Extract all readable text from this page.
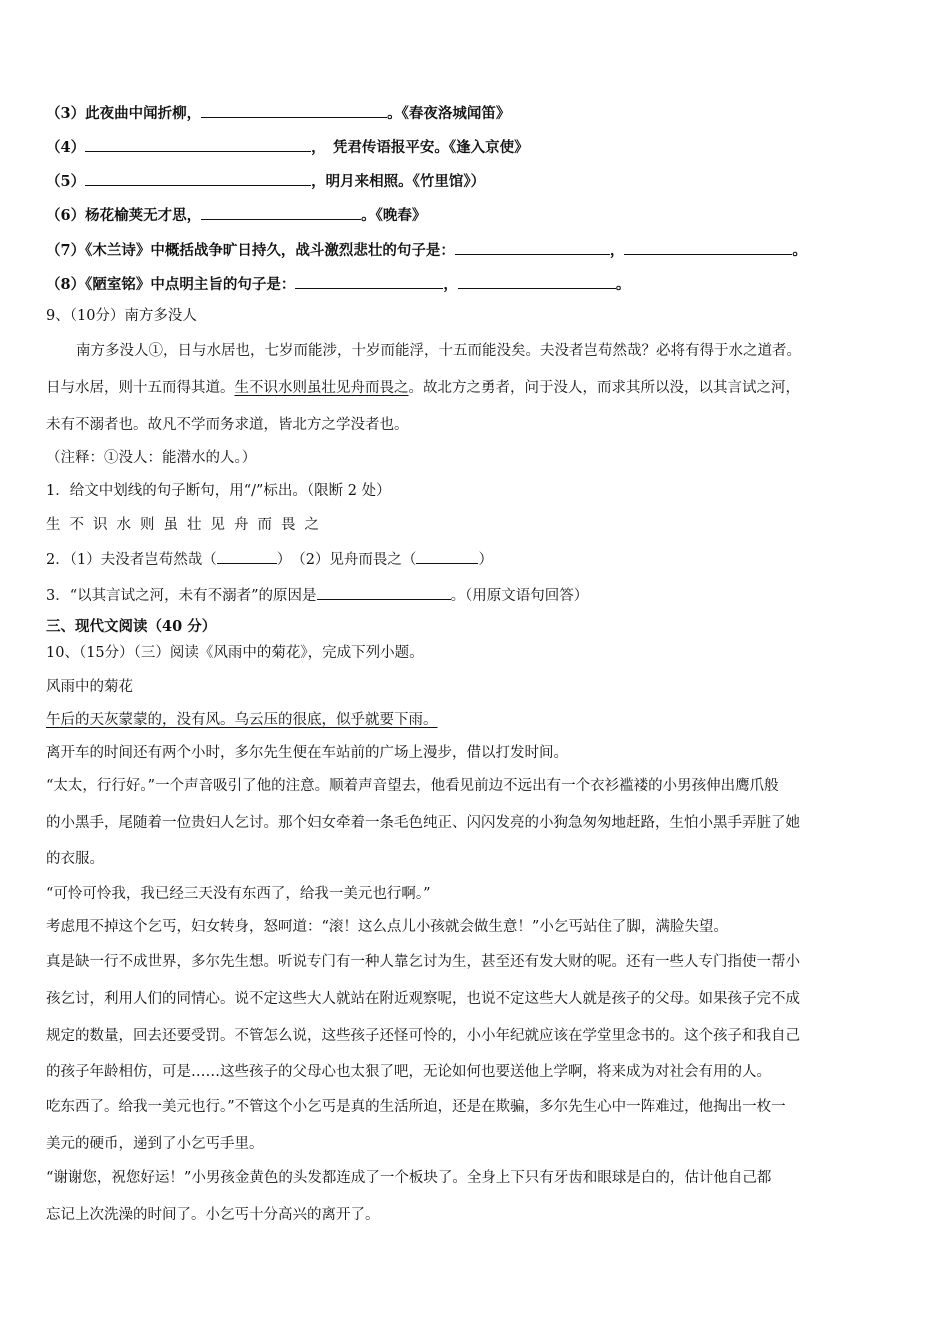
（3）此夜曲中闻折柳，	。《春夜洛城闻笛》
（4）	，　凭君传语报平安。《逢入京使》
（5）	，明月来相照。《竹里馆》）
（6）杨花榆荚无才思，	。《晚春》
（7）《木兰诗》中概括战争旷日持久，战斗激烈悲壮的句子是：	，	。
（8）《陋室铭》中点明主旨的句子是：	，	。
9、（10分）南方多没人
南方多没人①，日与水居也，七岁而能涉，十岁而能浮，十五而能没矣。夫没者岂苟然哉？必将有得于水之道者。
日与水居，则十五而得其道。生不识水则虽壮见舟而畏之。故北方之勇者，问于没人，而求其所以没，以其言试之河，
未有不溺者也。故凡不学而务求道，皆北方之学没者也。
（注释：①没人：能潜水的人。）
1．给文中划线的句子断句，用“/”标出。（限断 2 处）
生不识水则虽壮见舟而畏之
2．（1）夫没者岂苟然哉（	）　（2）见舟而畏之（	）
3．“以其言试之河，未有不溺者”的原因是	。（用原文语句回答）
三、现代文阅读（40 分）
10、（15分）（三）阅读《风雨中的菊花》，完成下列小题。
风雨中的菊花
午后的天灰蒙蒙的，没有风。乌云压的很底，似乎就要下雨。
离开车的时间还有两个小时，多尔先生便在车站前的广场上漫步，借以打发时间。
“太太，行行好。”一个声音吸引了他的注意。顺着声音望去，他看见前边不远出有一个衣衫褴褛的小男孩伸出鹰爪般
的小黑手，尾随着一位贵妇人乞讨。那个妇女牵着一条毛色纯正、闪闪发亮的小狗急匆匆地赶路，生怕小黑手弄脏了她
的衣服。
“可怜可怜我，我已经三天没有东西了，给我一美元也行啊。”
考虑甩不掉这个乞丐，妇女转身，怒呵道：“滚！这么点儿小孩就会做生意！”小乞丐站住了脚，满脸失望。
真是缺一行不成世界，多尔先生想。听说专门有一种人靠乞讨为生，甚至还有发大财的呢。还有一些人专门指使一帮小
孩乞讨，利用人们的同情心。说不定这些大人就站在附近观察呢，也说不定这些大人就是孩子的父母。如果孩子完不成
规定的数量，回去还要受罚。不管怎么说，这些孩子还怪可怜的，小小年纪就应该在学堂里念书的。这个孩子和我自己
的孩子年龄相仿，可是……这些孩子的父母心也太狠了吧，无论如何也要送他上学啊，将来成为对社会有用的人。
吃东西了。给我一美元也行。”不管这个小乞丐是真的生活所迫，还是在欺骗，多尔先生心中一阵难过，他掏出一枚一
美元的硬币，递到了小乞丐手里。
“谢谢您，祝您好运！”小男孩金黄色的头发都连成了一个板块了。全身上下只有牙齿和眼球是白的，估计他自己都
忘记上次洗澡的时间了。小乞丐十分高兴的离开了。
